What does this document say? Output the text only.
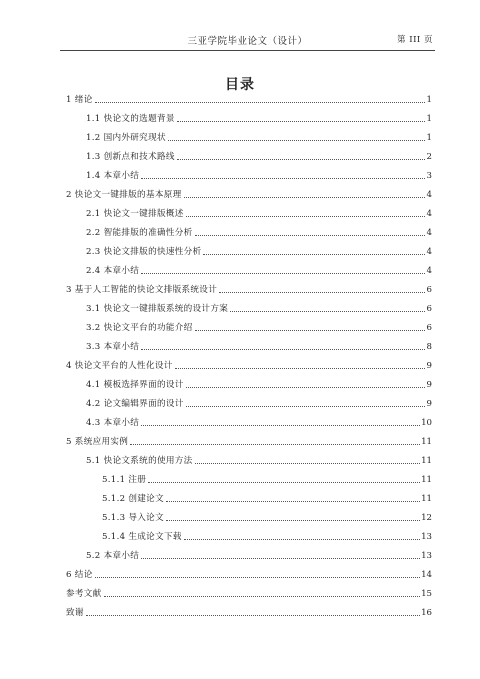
三亚学院毕业论文（设计）	第 III 页
目录
1 绪论	1
1.1 快论文的选题背景	1
1.2 国内外研究现状	1
1.3 创新点和技术路线	2
1.4 本章小结	3
2 快论文一键排版的基本原理	4
2.1 快论文一键排版概述	4
2.2 智能排版的准确性分析	4
2.3 快论文排版的快速性分析	4
2.4 本章小结	4
3 基于人工智能的快论文排版系统设计	6
3.1 快论文一键排版系统的设计方案	6
3.2 快论文平台的功能介绍	6
3.3 本章小结	8
4 快论文平台的人性化设计	9
4.1 模板选择界面的设计	9
4.2 论文编辑界面的设计	9
4.3 本章小结	10
5 系统应用实例	11
5.1 快论文系统的使用方法	11
5.1.1 注册	11
5.1.2 创建论文	11
5.1.3 导入论文	12
5.1.4 生成论文下载	13
5.2 本章小结	13
6 结论	14
参考文献	15
致谢	16
